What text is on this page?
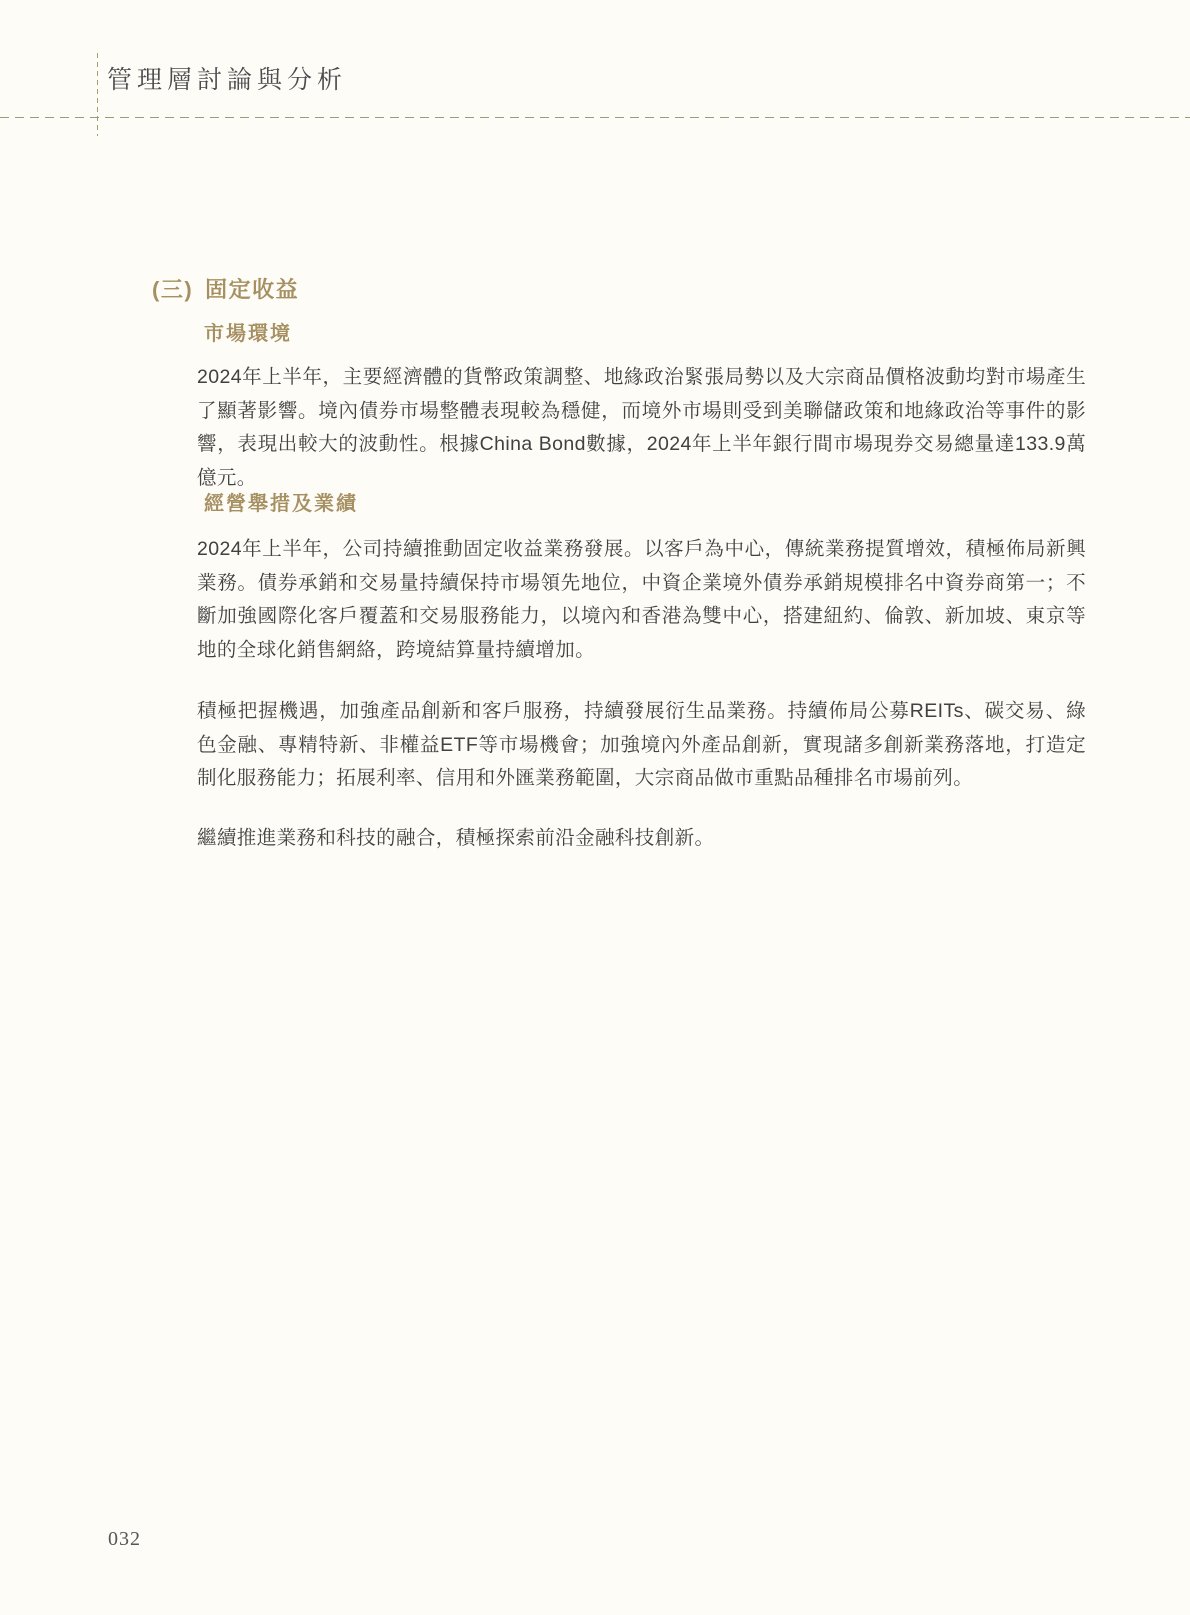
管理層討論與分析
(三) 固定收益
市場環境

2024年上半年，主要經濟體的貨幣政策調整、地緣政治緊張局勢以及大宗商品價格波動均對市場產生了顯著影響。境內債券市場整體表現較為穩健，而境外市場則受到美聯儲政策和地緣政治等事件的影響，表現出較大的波動性。根據China Bond數據，2024年上半年銀行間市場現券交易總量達133.9萬億元。

經營舉措及業績

2024年上半年，公司持續推動固定收益業務發展。以客戶為中心，傳統業務提質增效，積極佈局新興業務。債券承銷和交易量持續保持市場領先地位，中資企業境外債券承銷規模排名中資券商第一；不斷加強國際化客戶覆蓋和交易服務能力，以境內和香港為雙中心，搭建紐約、倫敦、新加坡、東京等地的全球化銷售網絡，跨境結算量持續增加。

積極把握機遇，加強產品創新和客戶服務，持續發展衍生品業務。持續佈局公募REITs、碳交易、綠色金融、專精特新、非權益ETF等市場機會；加強境內外產品創新，實現諸多創新業務落地，打造定制化服務能力；拓展利率、信用和外匯業務範圍，大宗商品做市重點品種排名市場前列。

繼續推進業務和科技的融合，積極探索前沿金融科技創新。

032
